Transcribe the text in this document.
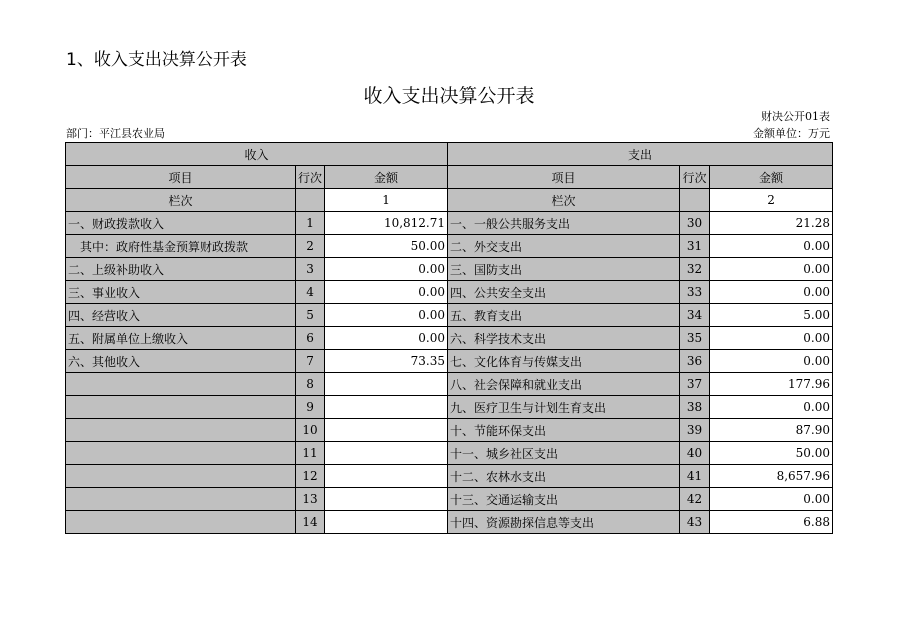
1、收入支出决算公开表
收入支出决算公开表
财决公开01表
部门：平江县农业局	金额单位：万元
收入			支出		
项目	行次	金额	项目	行次	金额
栏次		1	栏次		2
一、财政拨款收入	1	10,812.71	一、一般公共服务支出	30	21.28
其中：政府性基金预算财政拨款	2	50.00	二、外交支出	31	0.00
二、上级补助收入	3	0.00	三、国防支出	32	0.00
三、事业收入	4	0.00	四、公共安全支出	33	0.00
四、经营收入	5	0.00	五、教育支出	34	5.00
五、附属单位上缴收入	6	0.00	六、科学技术支出	35	0.00
六、其他收入	7	73.35	七、文化体育与传媒支出	36	0.00
	8		八、社会保障和就业支出	37	177.96
	9		九、医疗卫生与计划生育支出	38	0.00
	10		十、节能环保支出	39	87.90
	11		十一、城乡社区支出	40	50.00
	12		十二、农林水支出	41	8,657.96
	13		十三、交通运输支出	42	0.00
	14		十四、资源勘探信息等支出	43	6.88
